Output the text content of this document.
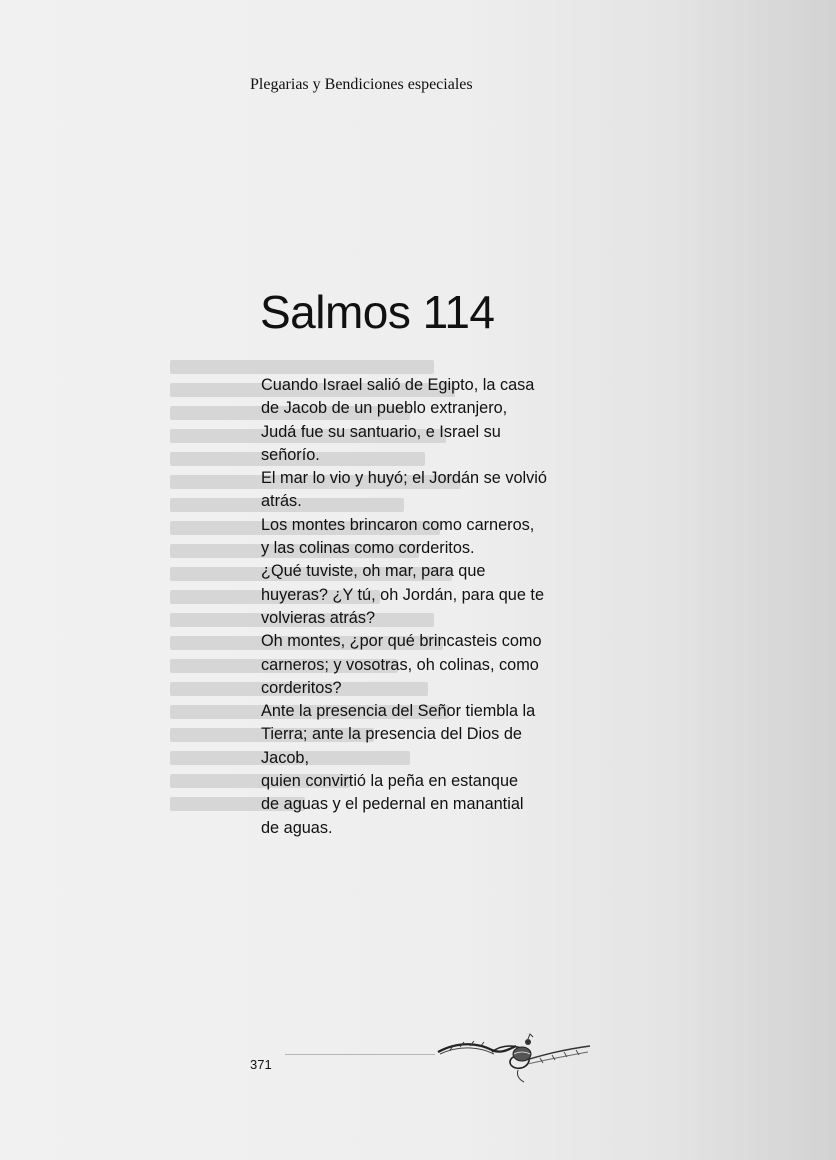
Plegarias y Bendiciones especiales
Salmos 114
Cuando Israel salió de Egipto, la casa
de Jacob de un pueblo extranjero,
Judá fue su santuario, e Israel su
señorío.
El mar lo vio y huyó; el Jordán se volvió
atrás.
Los montes brincaron como carneros,
y las colinas como corderitos.
¿Qué tuviste, oh mar, para que
huyeras? ¿Y tú, oh Jordán, para que te
volvieras atrás?
Oh montes, ¿por qué brincasteis como
carneros; y vosotras, oh colinas, como
corderitos?
Ante la presencia del Señor tiembla la
Tierra; ante la presencia del Dios de
Jacob,
quien convirtió la peña en estanque
de aguas y el pedernal en manantial
de aguas.
371
